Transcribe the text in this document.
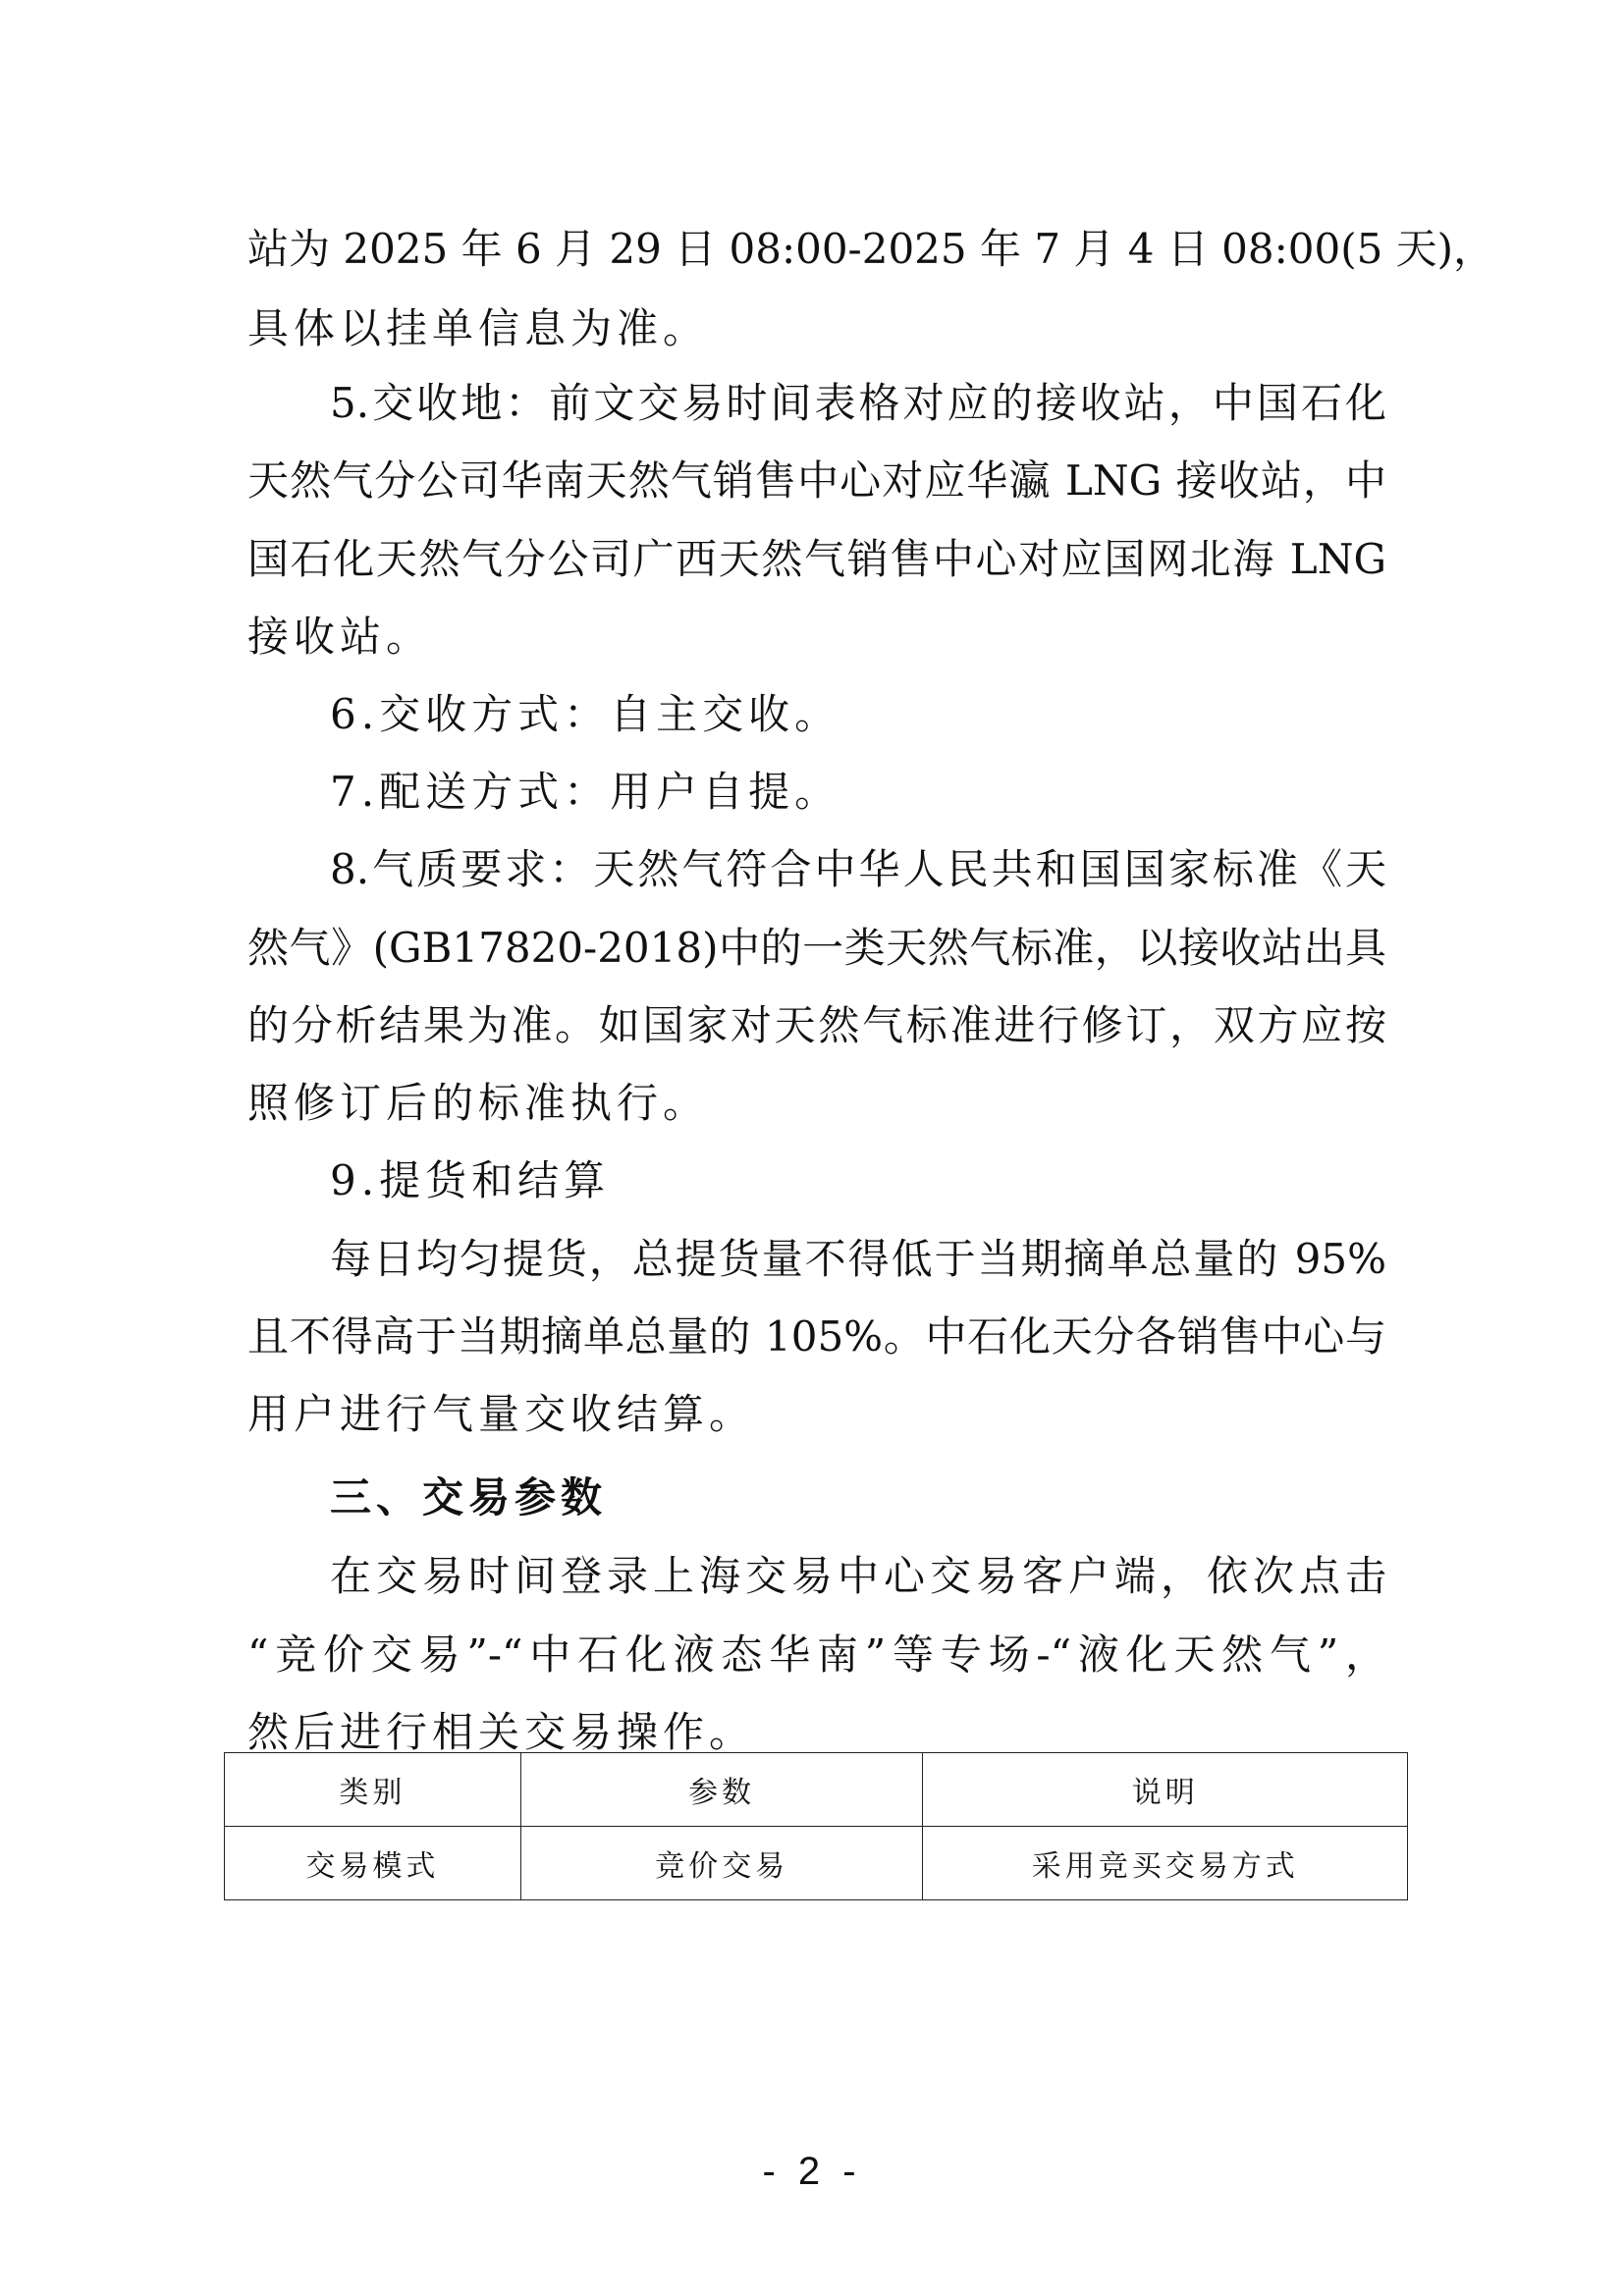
站为 2025 年 6 月 29 日 08:00-2025 年 7 月 4 日 08:00(5 天)，
具体以挂单信息为准。
5.交收地：前文交易时间表格对应的接收站，中国石化
天然气分公司华南天然气销售中心对应华瀛 LNG 接收站，中
国石化天然气分公司广西天然气销售中心对应国网北海 LNG
接收站。
6.交收方式：自主交收。
7.配送方式：用户自提。
8.气质要求：天然气符合中华人民共和国国家标准《天
然气》(GB17820-2018)中的一类天然气标准，以接收站出具
的分析结果为准。如国家对天然气标准进行修订，双方应按
照修订后的标准执行。
9.提货和结算
每日均匀提货，总提货量不得低于当期摘单总量的 95%
且不得高于当期摘单总量的 105%。中石化天分各销售中心与
用户进行气量交收结算。
三、交易参数
在交易时间登录上海交易中心交易客户端，依次点击
“竞价交易”-“中石化液态华南”等专场-“液化天然气”，
然后进行相关交易操作。
类别	参数	说明
交易模式	竞价交易	采用竞买交易方式
- 2 -
